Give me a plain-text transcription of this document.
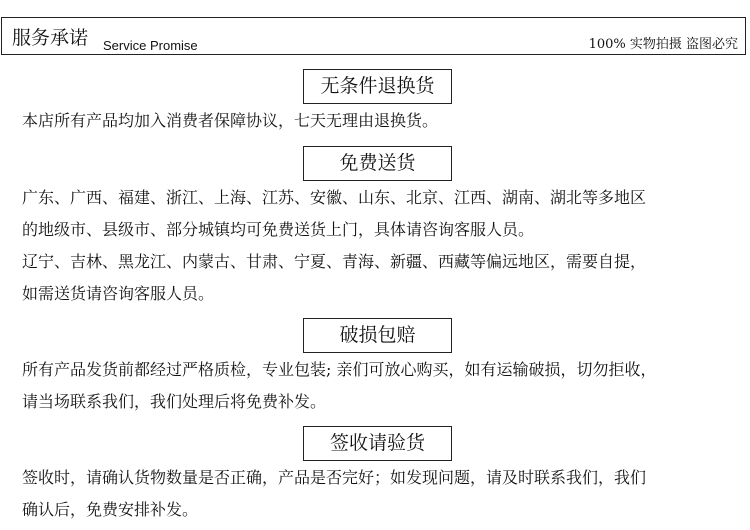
服务承诺 Service Promise	100% 实物拍摄 盗图必究
无条件退换货
本店所有产品均加入消费者保障协议，七天无理由退换货。
免费送货
广东、广西、福建、浙江、上海、江苏、安徽、山东、北京、江西、湖南、湖北等多地区
的地级市、县级市、部分城镇均可免费送货上门，具体请咨询客服人员。
辽宁、吉林、黑龙江、内蒙古、甘肃、宁夏、青海、新疆、西藏等偏远地区，需要自提，
如需送货请咨询客服人员。
破损包赔
所有产品发货前都经过严格质检，专业包装; 亲们可放心购买，如有运输破损，切勿拒收，
请当场联系我们，我们处理后将免费补发。
签收请验货
签收时，请确认货物数量是否正确，产品是否完好；如发现问题，请及时联系我们，我们
确认后，免费安排补发。
